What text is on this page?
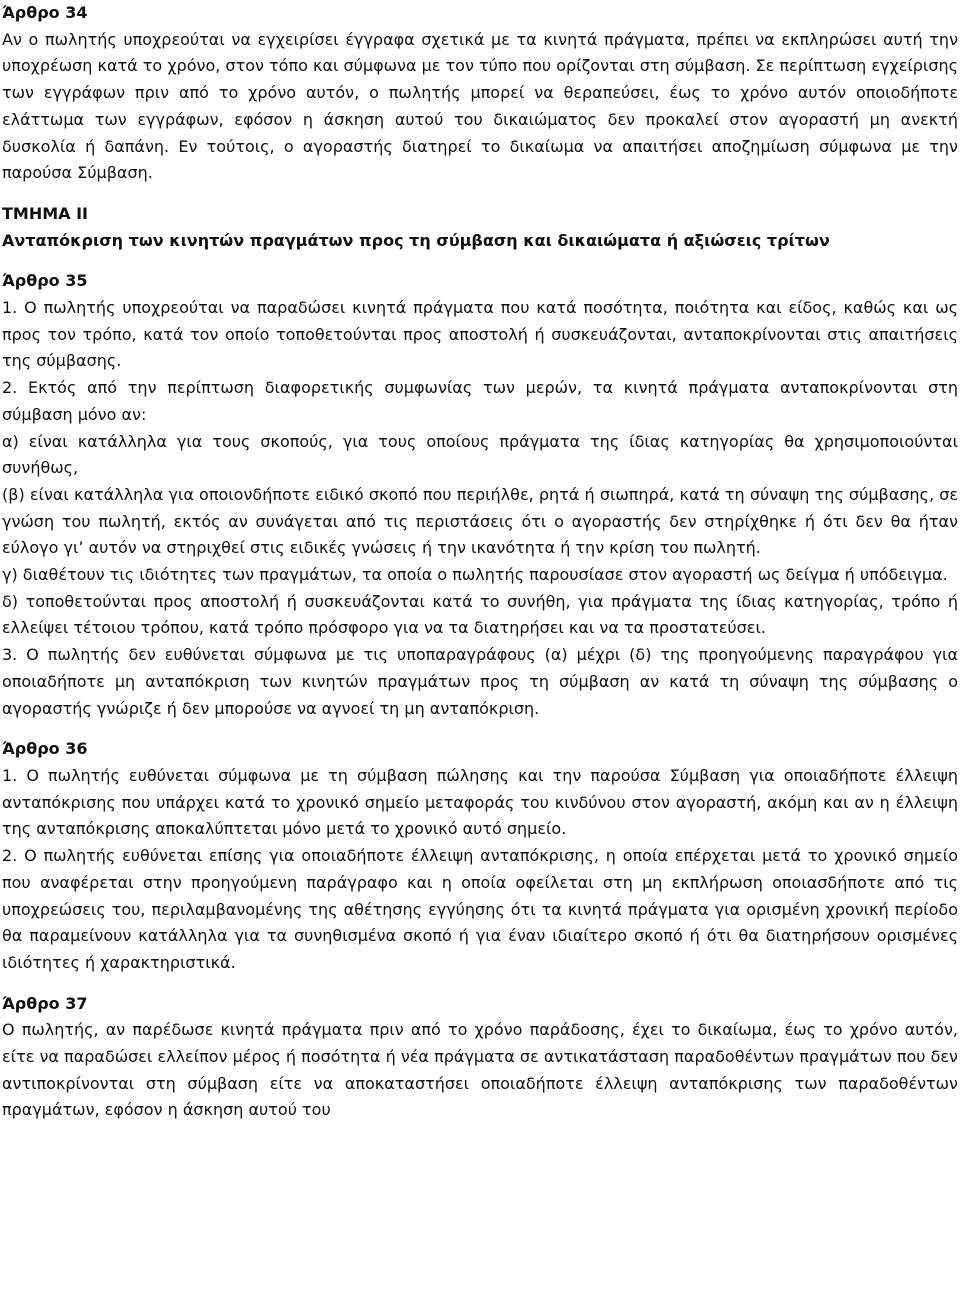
Άρθρο 34

Αν ο πωλητής υποχρεούται να εγχειρίσει έγγραφα σχετικά με τα κινητά πράγματα, πρέπει να εκπληρώσει αυτή την υποχρέωση κατά το χρόνο, στον τόπο και σύμφωνα με τον τύπο που ορίζονται στη σύμβαση. Σε περίπτωση εγχείρισης των εγγράφων πριν από το χρόνο αυτόν, ο πωλητής μπορεί να θεραπεύσει, έως το χρόνο αυτόν οποιοδήποτε ελάττωμα των εγγράφων, εφόσον η άσκηση αυτού του δικαιώματος δεν προκαλεί στον αγοραστή μη ανεκτή δυσκολία ή δαπάνη. Εν τούτοις, ο αγοραστής διατηρεί το δικαίωμα να απαιτήσει αποζημίωση σύμφωνα με την παρούσα Σύμβαση.

ΤΜΗΜΑ ΙΙ
Ανταπόκριση των κινητών πραγμάτων προς τη σύμβαση και δικαιώματα ή αξιώσεις τρίτων
Άρθρο 35

1. Ο πωλητής υποχρεούται να παραδώσει κινητά πράγματα που κατά ποσότητα, ποιότητα και είδος, καθώς και ως προς τον τρόπο, κατά τον οποίο τοποθετούνται προς αποστολή ή συσκευάζονται, ανταποκρίνονται στις απαιτήσεις της σύμβασης.

2. Εκτός από την περίπτωση διαφορετικής συμφωνίας των μερών, τα κινητά πράγματα ανταποκρίνονται στη σύμβαση μόνο αν:

α) είναι κατάλληλα για τους σκοπούς, για τους οποίους πράγματα της ίδιας κατηγορίας θα χρησιμοποιούνται συνήθως,

(β) είναι κατάλληλα για οποιονδήποτε ειδικό σκοπό που περιήλθε, ρητά ή σιωπηρά, κατά τη σύναψη της σύμβασης, σε γνώση του πωλητή, εκτός αν συνάγεται από τις περιστάσεις ότι ο αγοραστής δεν στηρίχθηκε ή ότι δεν θα ήταν εύλογο γι’ αυτόν να στηριχθεί στις ειδικές γνώσεις ή την ικανότητα ή την κρίση του πωλητή.

γ) διαθέτουν τις ιδιότητες των πραγμάτων, τα οποία ο πωλητής παρουσίασε στον αγοραστή ως δείγμα ή υπόδειγμα.

δ) τοποθετούνται προς αποστολή ή συσκευάζονται κατά το συνήθη, για πράγματα της ίδιας κατηγορίας, τρόπο ή ελλείψει τέτοιου τρόπου, κατά τρόπο πρόσφορο για να τα διατηρήσει και να τα προστατεύσει.

3. Ο πωλητής δεν ευθύνεται σύμφωνα με τις υποπαραγράφους (α) μέχρι (δ) της προηγούμενης παραγράφου για οποιαδήποτε μη ανταπόκριση των κινητών πραγμάτων προς τη σύμβαση αν κατά τη σύναψη της σύμβασης ο αγοραστής γνώριζε ή δεν μπορούσε να αγνοεί τη μη ανταπόκριση.

Άρθρο 36

1. Ο πωλητής ευθύνεται σύμφωνα με τη σύμβαση πώλησης και την παρούσα Σύμβαση για οποιαδήποτε έλλειψη ανταπόκρισης που υπάρχει κατά το χρονικό σημείο μεταφοράς του κινδύνου στον αγοραστή, ακόμη και αν η έλλειψη της ανταπόκρισης αποκαλύπτεται μόνο μετά το χρονικό αυτό σημείο.

2. Ο πωλητής ευθύνεται επίσης για οποιαδήποτε έλλειψη ανταπόκρισης, η οποία επέρχεται μετά το χρονικό σημείο που αναφέρεται στην προηγούμενη παράγραφο και η οποία οφείλεται στη μη εκπλήρωση οποιασδήποτε από τις υποχρεώσεις του, περιλαμβανομένης της αθέτησης εγγύησης ότι τα κινητά πράγματα για ορισμένη χρονική περίοδο θα παραμείνουν κατάλληλα για τα συνηθισμένα σκοπό ή για έναν ιδιαίτερο σκοπό ή ότι θα διατηρήσουν ορισμένες ιδιότητες ή χαρακτηριστικά.

Άρθρο 37

Ο πωλητής, αν παρέδωσε κινητά πράγματα πριν από το χρόνο παράδοσης, έχει το δικαίωμα, έως το χρόνο αυτόν, είτε να παραδώσει ελλείπον μέρος ή ποσότητα ή νέα πράγματα σε αντικατάσταση παραδοθέντων πραγμάτων που δεν αντιποκρίνονται στη σύμβαση είτε να αποκαταστήσει οποιαδήποτε έλλειψη ανταπόκρισης των παραδοθέντων πραγμάτων, εφόσον η άσκηση αυτού του
